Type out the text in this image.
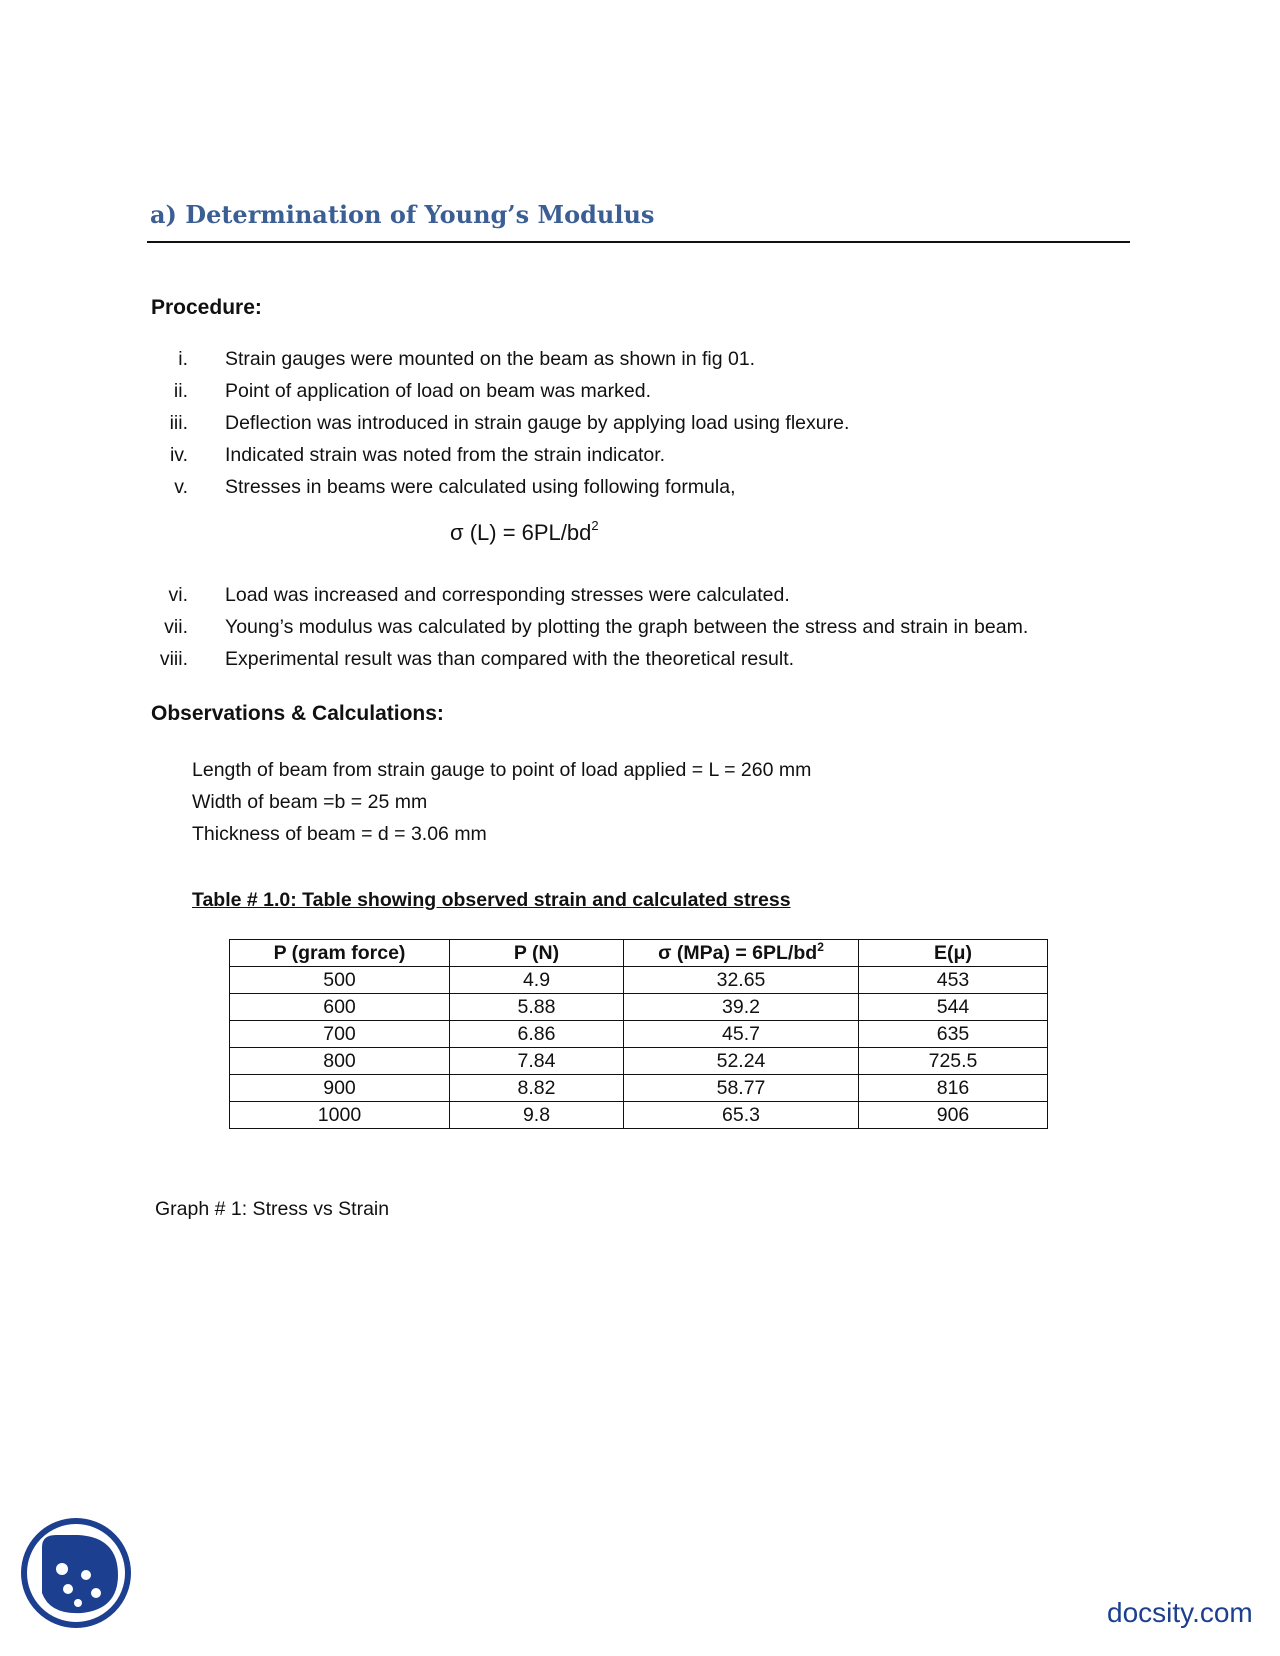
a) Determination of Young’s Modulus
Procedure:
i. Strain gauges were mounted on the beam as shown in fig 01.
ii. Point of application of load on beam was marked.
iii. Deflection was introduced in strain gauge by applying load using flexure.
iv. Indicated strain was noted from the strain indicator.
v. Stresses in beams were calculated using following formula,
vi. Load was increased and corresponding stresses were calculated.
vii. Young’s modulus was calculated by plotting the graph between the stress and strain in beam.
viii. Experimental result was than compared with the theoretical result.
σ $(L) = 6PL/bd^2$
Observations & Calculations:
Length of beam from strain gauge to point of load applied = L = 260 mm
Width of beam =b = 25 mm
Thickness of beam = d = 3.06 mm
Table # 1.0: Table showing observed strain and calculated stress
P (gram force)	P (N)	σ $(MPa) = 6PL/bd^2$	E(μ)
500	4.9	32.65	453
600	5.88	39.2	544
700	6.86	45.7	635
800	7.84	52.24	725.5
900	8.82	58.77	816
1000	9.8	65.3	906
Graph # 1: Stress vs Strain
docsity.com
